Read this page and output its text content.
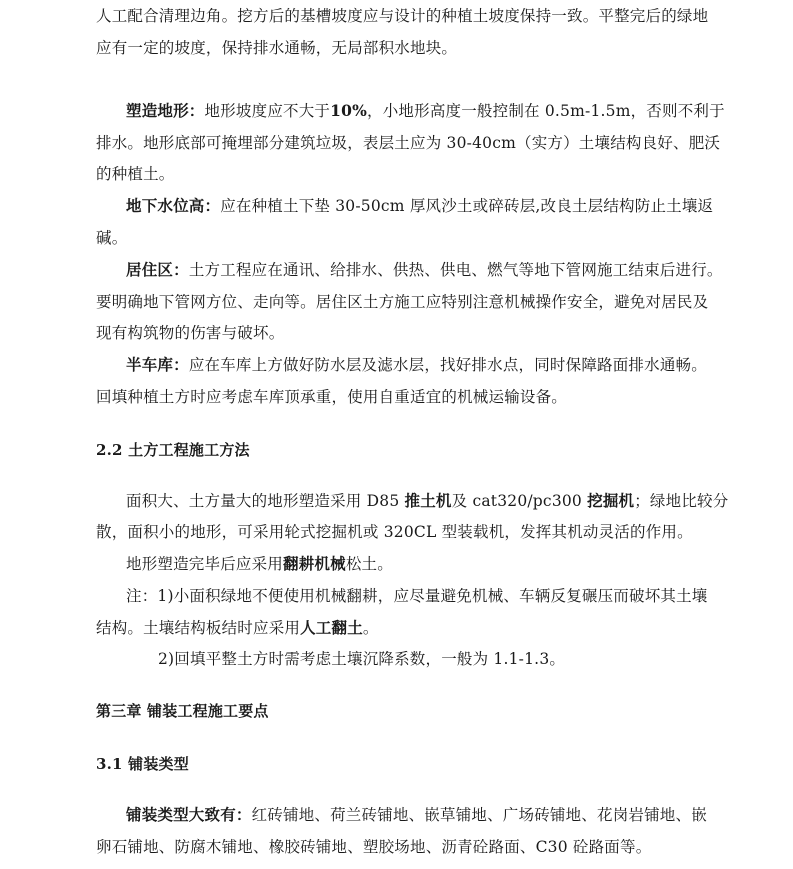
人工配合清理边角。挖方后的基槽坡度应与设计的种植土坡度保持一致。平整完后的绿地
应有一定的坡度，保持排水通畅，无局部积水地块。
塑造地形：地形坡度应不大于10%，小地形高度一般控制在 0.5m-1.5m，否则不利于
排水。地形底部可掩埋部分建筑垃圾，表层土应为 30-40cm（实方）土壤结构良好、肥沃
的种植土。
地下水位高：应在种植土下垫 30-50cm 厚风沙土或碎砖层,改良土层结构防止土壤返
碱。
居住区：土方工程应在通讯、给排水、供热、供电、燃气等地下管网施工结束后进行。
要明确地下管网方位、走向等。居住区土方施工应特别注意机械操作安全，避免对居民及
现有构筑物的伤害与破坏。
半车库：应在车库上方做好防水层及滤水层，找好排水点，同时保障路面排水通畅。
回填种植土方时应考虑车库顶承重，使用自重适宜的机械运输设备。
2.2 土方工程施工方法
面积大、土方量大的地形塑造采用 D85 推土机及 cat320/pc300 挖掘机；绿地比较分
散，面积小的地形，可采用轮式挖掘机或 320CL 型装载机，发挥其机动灵活的作用。
地形塑造完毕后应采用翻耕机械松土。
注：1)小面积绿地不便使用机械翻耕，应尽量避免机械、车辆反复碾压而破坏其土壤
结构。土壤结构板结时应采用人工翻土。
2)回填平整土方时需考虑土壤沉降系数，一般为 1.1-1.3。
第三章 铺装工程施工要点
3.1 铺装类型
铺装类型大致有：红砖铺地、荷兰砖铺地、嵌草铺地、广场砖铺地、花岗岩铺地、嵌
卵石铺地、防腐木铺地、橡胶砖铺地、塑胶场地、沥青砼路面、C30 砼路面等。
